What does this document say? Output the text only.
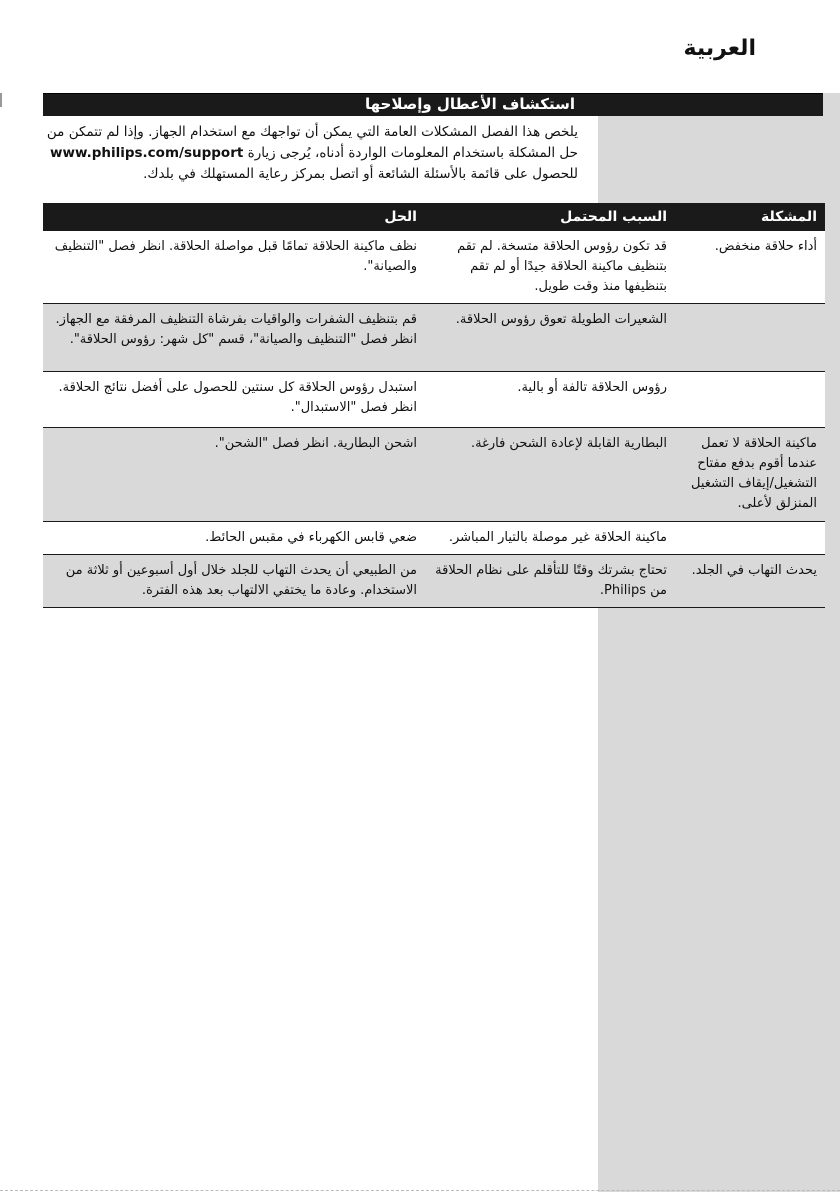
العربية
استكشاف الأعطال وإصلاحها
يلخص هذا الفصل المشكلات العامة التي يمكن أن تواجهك مع استخدام الجهاز. وإذا لم تتمكن من
حل المشكلة باستخدام المعلومات الواردة أدناه، يُرجى زيارة www.philips.com/support
للحصول على قائمة بالأسئلة الشائعة أو اتصل بمركز رعاية المستهلك في بلدك.
المشكلة	السبب المحتمل	الحل
أداء حلاقة منخفض.	قد تكون رؤوس الحلاقة متسخة. لم تقم بتنظيف ماكينة الحلاقة جيدًا أو لم تقم بتنظيفها منذ وقت طويل.	نظف ماكينة الحلاقة تمامًا قبل مواصلة الحلاقة. انظر فصل "التنظيف والصيانة".
	الشعيرات الطويلة تعوق رؤوس الحلاقة.	قم بتنظيف الشفرات والواقيات بفرشاة التنظيف المرفقة مع الجهاز. انظر فصل "التنظيف والصيانة"، قسم "كل شهر: رؤوس الحلاقة".
	رؤوس الحلاقة تالفة أو بالية.	استبدل رؤوس الحلاقة كل سنتين للحصول على أفضل نتائج الحلاقة. انظر فصل "الاستبدال".
ماكينة الحلاقة لا تعمل عندما أقوم بدفع مفتاح التشغيل/إيقاف التشغيل المنزلق لأعلى.	البطارية القابلة لإعادة الشحن فارغة.	اشحن البطارية. انظر فصل "الشحن".
	ماكينة الحلاقة غير موصلة بالتيار المباشر.	ضعي قابس الكهرباء في مقبس الحائط.
يحدث التهاب في الجلد.	تحتاج بشرتك وقتًا للتأقلم على نظام الحلاقة من Philips.	من الطبيعي أن يحدث التهاب للجلد خلال أول أسبوعين أو ثلاثة من الاستخدام. وعادة ما يختفي الالتهاب بعد هذه الفترة.
